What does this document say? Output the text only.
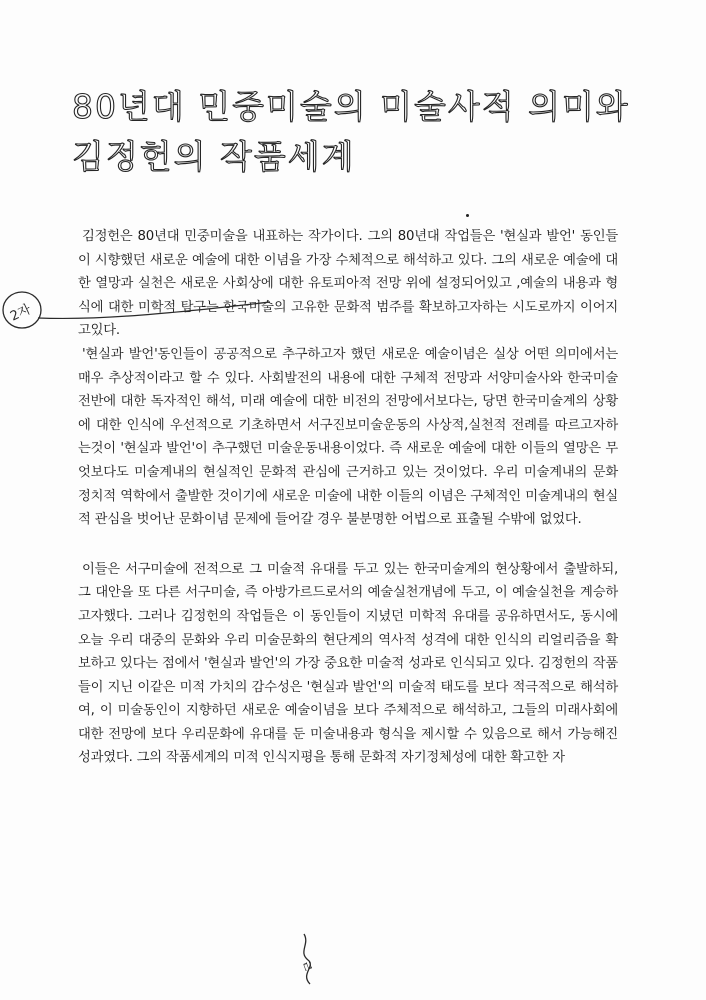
80년대 민중미술의 미술사적 의미와
김정헌의 작품세계

김정헌은 80년대 민중미술을 내표하는 작가이다. 그의 80년대 작업들은 '현실과 발언' 동인들이 시향했던 새로운 예술에 대한 이념을 가장 수체적으로 해석하고 있다. 그의 새로운 예술에 대한 열망과 실천은 새로운 사회상에 대한 유토피아적 전망 위에 설정되어있고 ,예술의 내용과 형식에 대한 미학적 탐구는 한국미술의 고유한 문화적 범주를 확보하고자하는 시도로까지 이어지고있다.

'현실과 발언'동인들이 공공적으로 추구하고자 했던 새로운 예술이념은 실상 어떤 의미에서는 매우 추상적이라고 할 수 있다. 사회발전의 내용에 대한 구체적 전망과 서양미술사와 한국미술전반에 대한 독자적인 해석, 미래 예술에 대한 비전의 전망에서보다는, 당면 한국미술계의 상황에 대한 인식에 우선적으로 기초하면서 서구진보미술운동의 사상적,실천적 전례를 따르고자하는것이 '현실과 발언'이 추구했던 미술운동내용이었다. 즉 새로운 예술에 대한 이들의 열망은 무엇보다도 미술계내의 현실적인 문화적 관심에 근거하고 있는 것이었다. 우리 미술계내의 문화 정치적 역학에서 출발한 것이기에 새로운 미술에 내한 이들의 이념은 구체적인 미술계내의 현실적 관심을 벗어난 문화이념 문제에 들어갈 경우 불분명한 어법으로 표출될 수밖에 없었다.

이들은 서구미술에 전적으로 그 미술적 유대를 두고 있는 한국미술계의 현상황에서 출발하되, 그 대안을 또 다른 서구미술, 즉 아방가르드로서의 예술실천개념에 두고, 이 예술실천을 계승하고자했다. 그러나 김정헌의 작업들은 이 동인들이 지녔던 미학적 유대를 공유하면서도, 동시에 오늘 우리 대중의 문화와 우리 미술문화의 현단계의 역사적 성격에 대한 인식의 리얼리즘을 확보하고 있다는 점에서 '현실과 발언'의 가장 중요한 미술적 성과로 인식되고 있다. 김정헌의 작품들이 지닌 이같은 미적 가치의 감수성은 '현실과 발언'의 미술적 태도를 보다 적극적으로 해석하여, 이 미술동인이 지향하던 새로운 예술이념을 보다 주체적으로 해석하고, 그들의 미래사회에 대한 전망에 보다 우리문화에 유대를 둔 미술내용과 형식을 제시할 수 있음으로 해서 가능해진 성과였다. 그의 작품세계의 미적 인식지평을 통해 문화적 자기정체성에 대한 확고한 자

2자
ㄹ
